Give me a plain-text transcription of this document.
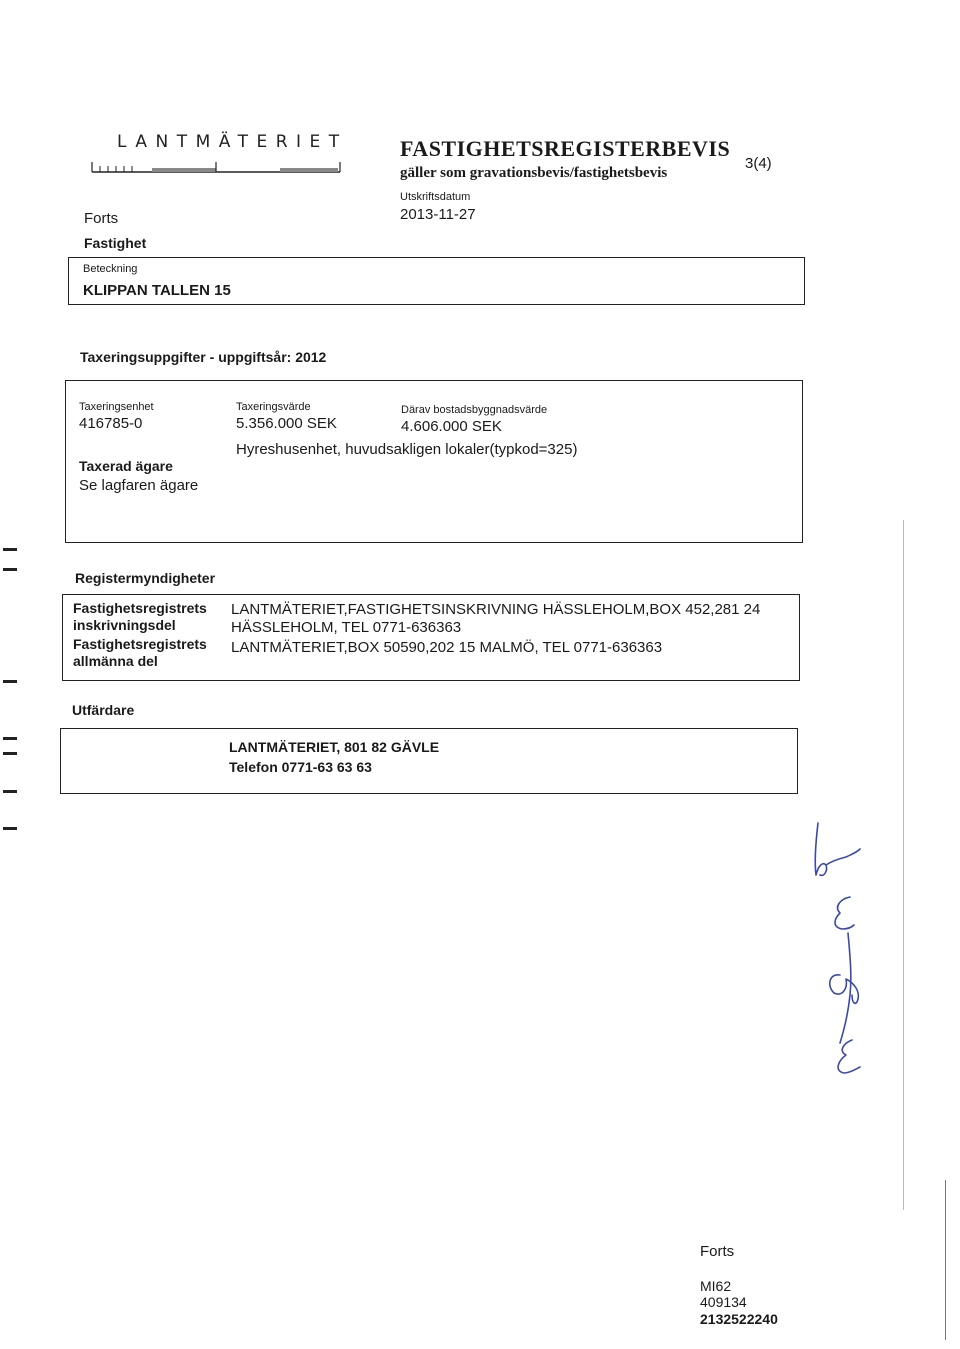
LANTMÄTERIET FASTIGHETSREGISTERBEVIS
gäller som gravationsbevis/fastighetsbevis
Utskriftsdatum
2013-11-27
3(4)
Forts
Fastighet
Beteckning
KLIPPAN TALLEN 15
Taxeringsuppgifter - uppgiftsår: 2012
Taxeringsenhet
416785-0
Taxeringsvärde
5.356.000 SEK
Därav bostadsbyggnadsvärde
4.606.000 SEK
Hyreshusenhet, huvudsakligen lokaler(typkod=325)
Taxerad ägare
Se lagfaren ägare
Registermyndigheter
Fastighetsregistrets
inskrivningsdel
LANTMÄTERIET,FASTIGHETSINSKRIVNING HÄSSLEHOLM,BOX 452,281 24
HÄSSLEHOLM, TEL 0771-636363
Fastighetsregistrets
allmänna del
LANTMÄTERIET,BOX 50590,202 15 MALMÖ, TEL 0771-636363
Utfärdare
LANTMÄTERIET, 801 82 GÄVLE
Telefon 0771-63 63 63
Forts
MI62
409134
2132522240
